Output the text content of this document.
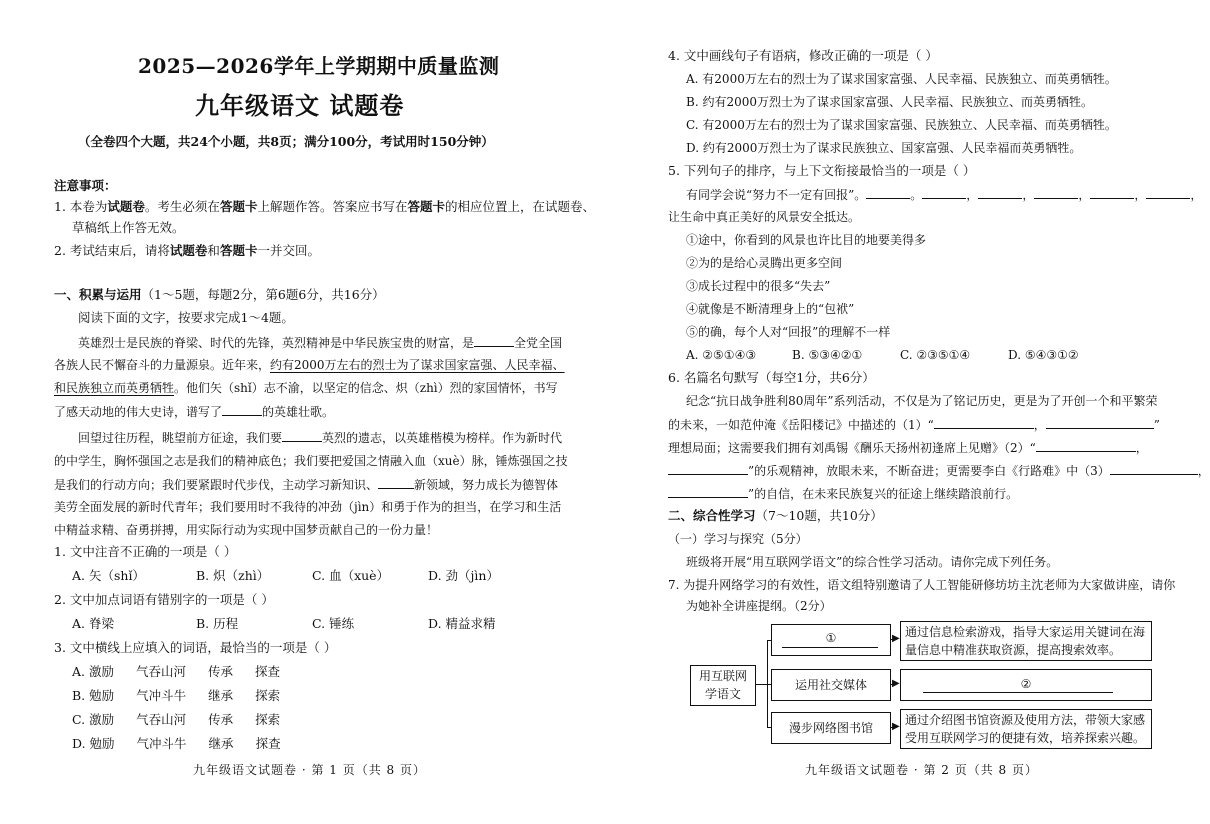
2025—2026学年上学期期中质量监测
九年级语文 试题卷
（全卷四个大题，共24个小题，共8页；满分100分，考试用时150分钟）
注意事项：
1. 本卷为试题卷。考生必须在答题卡上解题作答。答案应书写在答题卡的相应位置上，在试题卷、
草稿纸上作答无效。
2. 考试结束后，请将试题卷和答题卡一并交回。
一、积累与运用（1～5题，每题2分，第6题6分，共16分）
阅读下面的文字，按要求完成1～4题。
英雄烈士是民族的脊梁、时代的先锋，英烈精神是中华民族宝贵的财富，是	全党全国
各族人民不懈奋斗的力量源泉。近年来，约有2000万左右的烈士为了谋求国家富强、人民幸福、
和民族独立而英勇牺牲。他们矢（shǐ）志不渝，以坚定的信念、炽（zhì）烈的家国情怀，书写
了感天动地的伟大史诗，谱写了	的英雄壮歌。
回望过往历程，眺望前方征途，我们要	英烈的遗志，以英雄楷模为榜样。作为新时代
的中学生，胸怀强国之志是我们的精神底色；我们要把爱国之情融入血（xuè）脉，锤炼强国之技
是我们的行动方向；我们要紧跟时代步伐，主动学习新知识、	新领域，努力成长为德智体
美劳全面发展的新时代青年；我们要用时不我待的冲劲（jìn）和勇于作为的担当，在学习和生活
中精益求精、奋勇拼搏，用实际行动为实现中国梦贡献自己的一份力量！
1. 文中注音不正确的一项是（ ）
A. 矢（shǐ）	B. 炽（zhì）	C. 血（xuè）	D. 劲（jìn）
2. 文中加点词语有错别字的一项是（ ）
A. 脊梁	B. 历程	C. 锤练	D. 精益求精
3. 文中横线上应填入的词语，最恰当的一项是（ ）
A. 激励 气吞山河 传承 探查
B. 勉励 气冲斗牛 继承 探索
C. 激励 气吞山河 传承 探索
D. 勉励 气冲斗牛 继承 探查
九年级语文试题卷 · 第 1 页（共 8 页）
4. 文中画线句子有语病，修改正确的一项是（ ）
A. 有2000万左右的烈士为了谋求国家富强、人民幸福、民族独立、而英勇牺牲。
B. 约有2000万烈士为了谋求国家富强、人民幸福、民族独立、而英勇牺牲。
C. 有2000万左右的烈士为了谋求国家富强、民族独立、人民幸福、而英勇牺牲。
D. 约有2000万烈士为了谋求民族独立、国家富强、人民幸福而英勇牺牲。
5. 下列句子的排序，与上下文衔接最恰当的一项是（ ）
有同学会说“努力不一定有回报”。	。	，	，	，	，	，
让生命中真正美好的风景安全抵达。
①途中，你看到的风景也许比目的地要美得多
②为的是给心灵腾出更多空间
③成长过程中的很多“失去”
④就像是不断清理身上的“包袱”
⑤的确，每个人对“回报”的理解不一样
A. ②⑤①④③	B. ⑤③④②①	C. ②③⑤①④	D. ⑤④③①②
6. 名篇名句默写（每空1分，共6分）
纪念“抗日战争胜利80周年”系列活动，不仅是为了铭记历史，更是为了开创一个和平繁荣
的未来，一如范仲淹《岳阳楼记》中描述的（1）“	，	”
理想局面；这需要我们拥有刘禹锡《酬乐天扬州初逢席上见赠》（2）“	，
”的乐观精神，放眼未来，不断奋进；更需要李白《行路难》中（3）	，
”的自信，在未来民族复兴的征途上继续踏浪前行。
二、综合性学习（7～10题，共10分）
（一）学习与探究（5分）
班级将开展“用互联网学语文”的综合性学习活动。请你完成下列任务。
7. 为提升网络学习的有效性，语文组特别邀请了人工智能研修坊坊主沈老师为大家做讲座，请你
为她补全讲座提纲。（2分）
用互联网学语文
①
运用社交媒体
漫步网络图书馆
▶
▶
▶
通过信息检索游戏，指导大家运用关键词在海量信息中精准获取资源，提高搜索效率。
②
通过介绍图书馆资源及使用方法，带领大家感受用互联网学习的便捷有效，培养探索兴趣。
九年级语文试题卷 · 第 2 页（共 8 页）
